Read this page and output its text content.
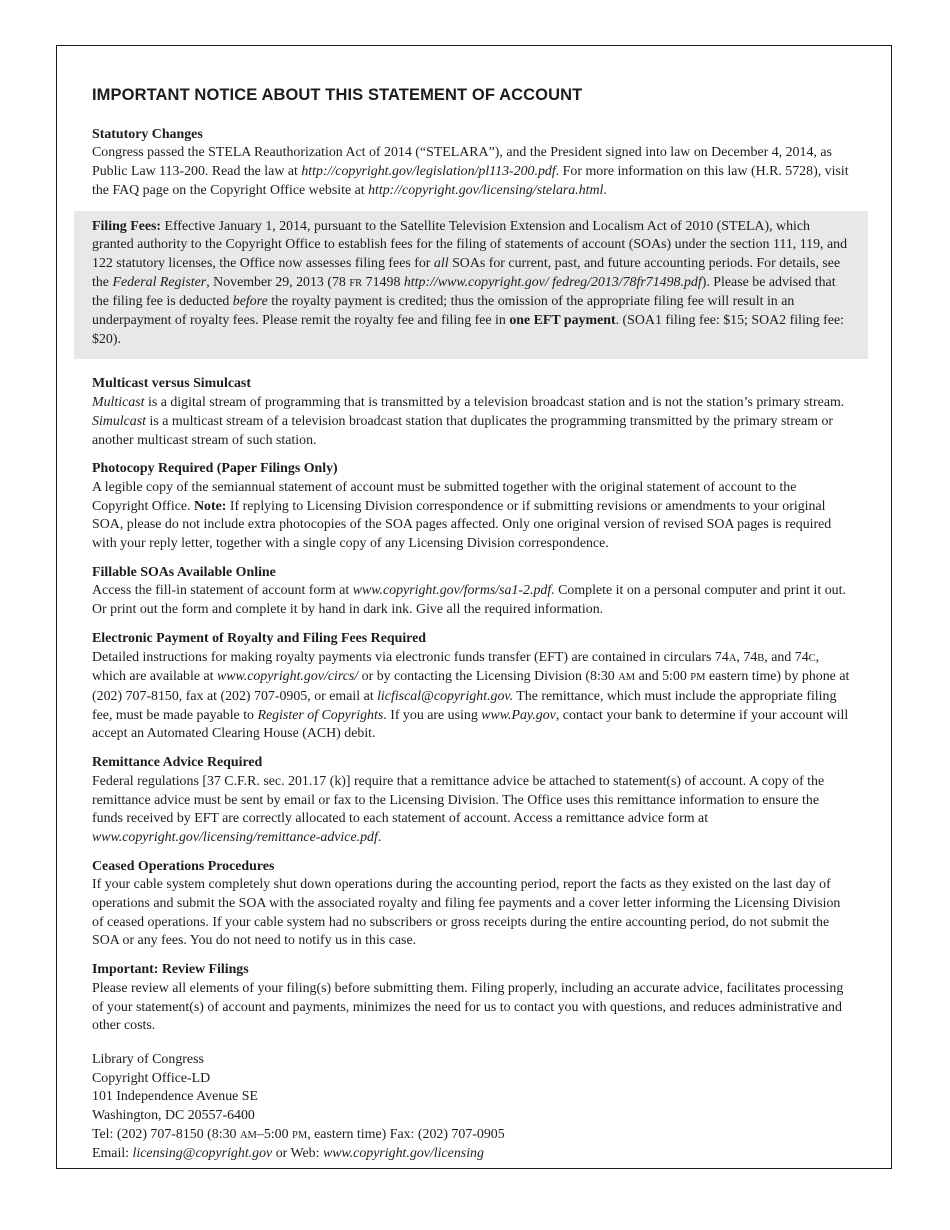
IMPORTANT NOTICE ABOUT THIS STATEMENT OF ACCOUNT
Statutory Changes

Congress passed the STELA Reauthorization Act of 2014 (“STELARA”), and the President signed into law on December 4, 2014, as Public Law 113-200. Read the law at http://copyright.gov/legislation/pl113-200.pdf. For more information on this law (H.R. 5728), visit the FAQ page on the Copyright Office website at http://copyright.gov/licensing/stelara.html.

Filing Fees: Effective January 1, 2014, pursuant to the Satellite Television Extension and Localism Act of 2010 (STELA), which granted authority to the Copyright Office to establish fees for the filing of statements of account (SOAs) under the section 111, 119, and 122 statutory licenses, the Office now assesses filing fees for all SOAs for current, past, and future accounting periods. For details, see the Federal Register, November 29, 2013 (78 FR 71498 http://www.copyright.gov/ fedreg/2013/78fr71498.pdf). Please be advised that the filing fee is deducted before the royalty payment is credited; thus the omission of the appropriate filing fee will result in an underpayment of royalty fees. Please remit the royalty fee and filing fee in one EFT payment. (SOA1 filing fee: $15; SOA2 filing fee: $20).

Multicast versus Simulcast

Multicast is a digital stream of programming that is transmitted by a television broadcast station and is not the station’s primary stream. Simulcast is a multicast stream of a television broadcast station that duplicates the programming transmitted by the primary stream or another multicast stream of such station.

Photocopy Required (Paper Filings Only)

A legible copy of the semiannual statement of account must be submitted together with the original statement of account to the Copyright Office. Note: If replying to Licensing Division correspondence or if submitting revisions or amendments to your original SOA, please do not include extra photocopies of the SOA pages affected. Only one original version of revised SOA pages is required with your reply letter, together with a single copy of any Licensing Division correspondence.

Fillable SOAs Available Online

Access the fill-in statement of account form at www.copyright.gov/forms/sa1-2.pdf. Complete it on a personal computer and print it out. Or print out the form and complete it by hand in dark ink. Give all the required information.

Electronic Payment of Royalty and Filing Fees Required

Detailed instructions for making royalty payments via electronic funds transfer (EFT) are contained in circulars 74A, 74B, and 74C, which are available at www.copyright.gov/circs/ or by contacting the Licensing Division (8:30 AM and 5:00 PM eastern time) by phone at (202) 707-8150, fax at (202) 707-0905, or email at licfiscal@copyright.gov. The remittance, which must include the appropriate filing fee, must be made payable to Register of Copyrights. If you are using www.Pay.gov, contact your bank to determine if your account will accept an Automated Clearing House (ACH) debit.

Remittance Advice Required

Federal regulations [37 C.F.R. sec. 201.17 (k)] require that a remittance advice be attached to statement(s) of account. A copy of the remittance advice must be sent by email or fax to the Licensing Division. The Office uses this remittance information to ensure the funds received by EFT are correctly allocated to each statement of account. Access a remittance advice form at www.copyright.gov/licensing/remittance-advice.pdf.

Ceased Operations Procedures

If your cable system completely shut down operations during the accounting period, report the facts as they existed on the last day of operations and submit the SOA with the associated royalty and filing fee payments and a cover letter informing the Licensing Division of ceased operations. If your cable system had no subscribers or gross receipts during the entire accounting period, do not submit the SOA or any fees. You do not need to notify us in this case.

Important: Review Filings

Please review all elements of your filing(s) before submitting them. Filing properly, including an accurate advice, facilitates processing of your statement(s) of account and payments, minimizes the need for us to contact you with questions, and reduces administrative and other costs.

Library of Congress

Copyright Office-LD

101 Independence Avenue SE

Washington, DC 20557-6400

Tel: (202) 707-8150 (8:30 AM–5:00 PM, eastern time) Fax: (202) 707-0905

Email: licensing@copyright.gov or Web: www.copyright.gov/licensing
